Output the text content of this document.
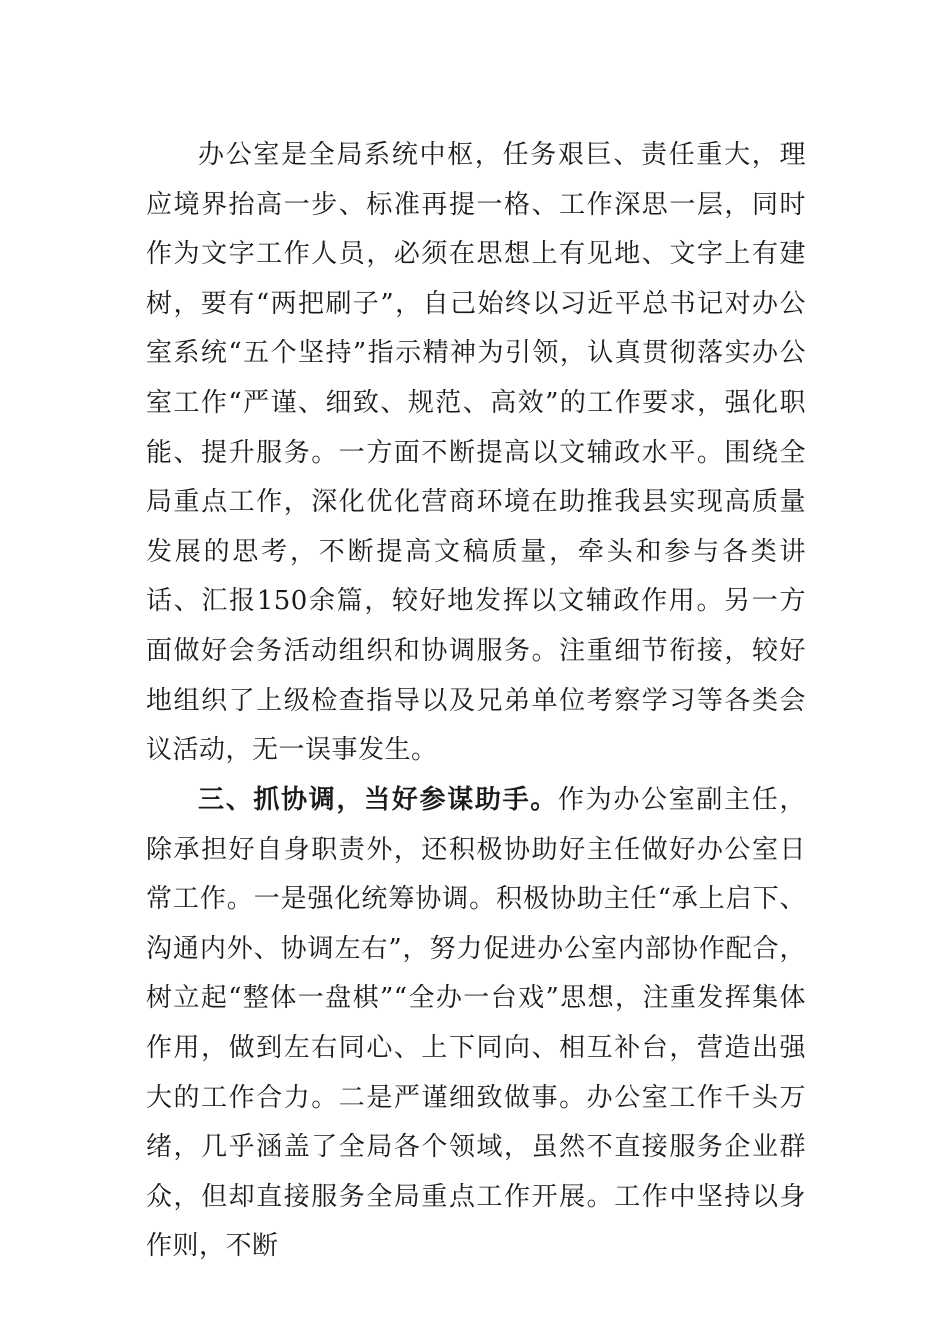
办公室是全局系统中枢，任务艰巨、责任重大，理应境界抬高一步、标准再提一格、工作深思一层，同时作为文字工作人员，必须在思想上有见地、文字上有建树，要有“两把刷子”，自己始终以习近平总书记对办公室系统“五个坚持”指示精神为引领，认真贯彻落实办公室工作“严谨、细致、规范、高效”的工作要求，强化职能、提升服务。一方面不断提高以文辅政水平。围绕全局重点工作，深化优化营商环境在助推我县实现高质量发展的思考，不断提高文稿质量，牵头和参与各类讲话、汇报150余篇，较好地发挥以文辅政作用。另一方面做好会务活动组织和协调服务。注重细节衔接，较好地组织了上级检查指导以及兄弟单位考察学习等各类会议活动，无一误事发生。

三、抓协调，当好参谋助手。作为办公室副主任，除承担好自身职责外，还积极协助好主任做好办公室日常工作。一是强化统筹协调。积极协助主任“承上启下、沟通内外、协调左右”，努力促进办公室内部协作配合，树立起“整体一盘棋”“全办一台戏”思想，注重发挥集体作用，做到左右同心、上下同向、相互补台，营造出强大的工作合力。二是严谨细致做事。办公室工作千头万绪，几乎涵盖了全局各个领域，虽然不直接服务企业群众，但却直接服务全局重点工作开展。工作中坚持以身作则，不断
